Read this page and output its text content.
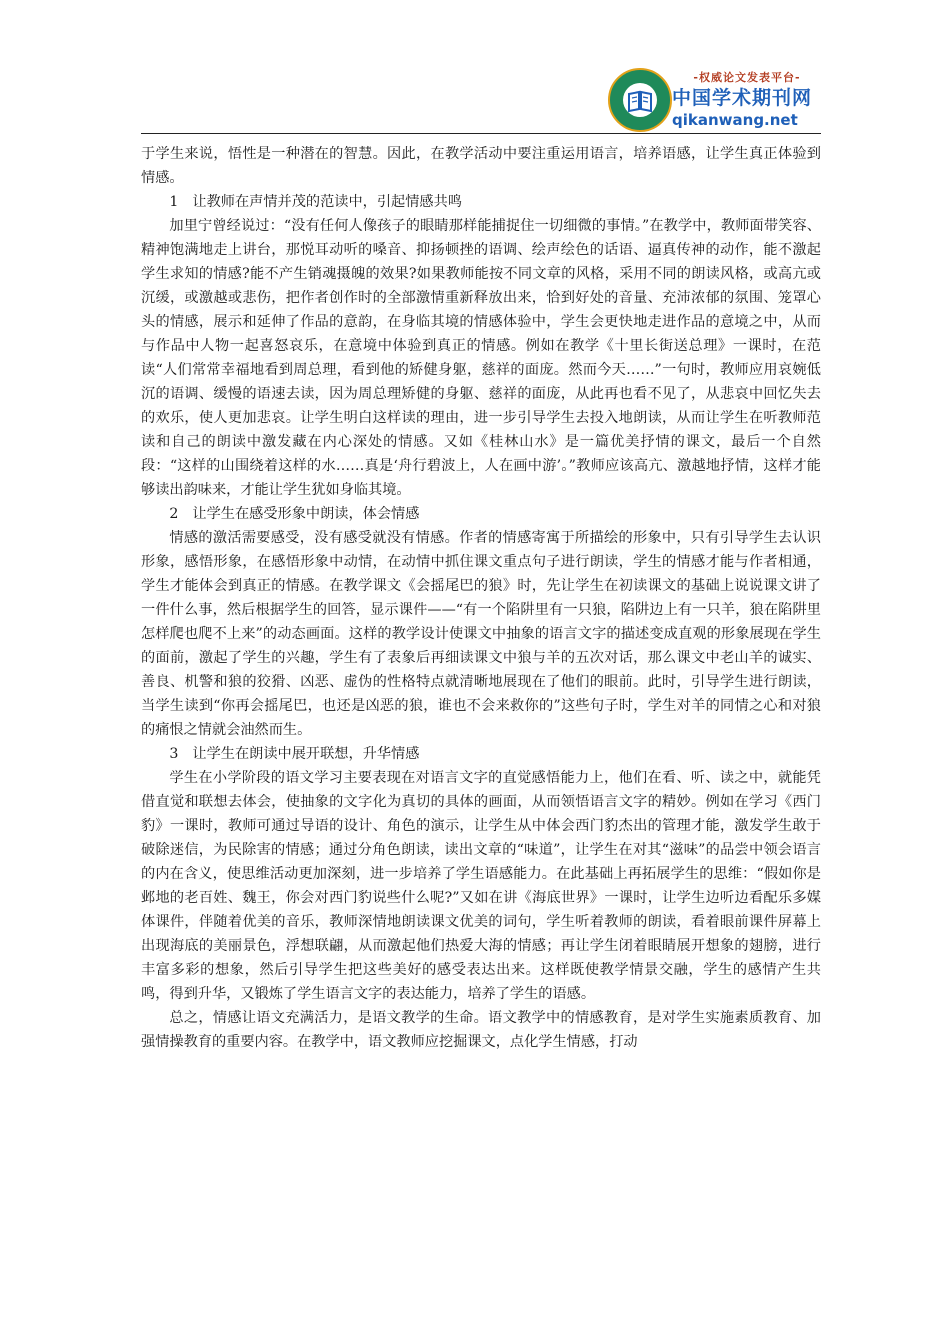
-权威论文发表平台-
中国学术期刊网
qikanwang.net

于学生来说，悟性是一种潜在的智慧。因此，在教学活动中要注重运用语言，培养语感，让学生真正体验到情感。

1 让教师在声情并茂的范读中，引起情感共鸣

加里宁曾经说过：“没有任何人像孩子的眼睛那样能捕捉住一切细微的事情。”在教学中，教师面带笑容、精神饱满地走上讲台，那悦耳动听的嗓音、抑扬顿挫的语调、绘声绘色的话语、逼真传神的动作，能不激起学生求知的情感?能不产生销魂摄魄的效果?如果教师能按不同文章的风格，采用不同的朗读风格，或高亢或沉缓，或激越或悲伤，把作者创作时的全部激情重新释放出来，恰到好处的音量、充沛浓郁的氛围、笼罩心头的情感，展示和延伸了作品的意韵，在身临其境的情感体验中，学生会更快地走进作品的意境之中，从而与作品中人物一起喜怒哀乐，在意境中体验到真正的情感。例如在教学《十里长街送总理》一课时，在范读“人们常常幸福地看到周总理，看到他的矫健身躯，慈祥的面庞。然而今天……”一句时，教师应用哀婉低沉的语调、缓慢的语速去读，因为周总理矫健的身躯、慈祥的面庞，从此再也看不见了，从悲哀中回忆失去的欢乐，使人更加悲哀。让学生明白这样读的理由，进一步引导学生去投入地朗读，从而让学生在听教师范读和自己的朗读中激发藏在内心深处的情感。又如《桂林山水》是一篇优美抒情的课文，最后一个自然段：“这样的山围绕着这样的水……真是‘舟行碧波上，人在画中游’。”教师应该高亢、激越地抒情，这样才能够读出韵味来，才能让学生犹如身临其境。

2 让学生在感受形象中朗读，体会情感

情感的激活需要感受，没有感受就没有情感。作者的情感寄寓于所描绘的形象中，只有引导学生去认识形象，感悟形象，在感悟形象中动情，在动情中抓住课文重点句子进行朗读，学生的情感才能与作者相通，学生才能体会到真正的情感。在教学课文《会摇尾巴的狼》时，先让学生在初读课文的基础上说说课文讲了一件什么事，然后根据学生的回答，显示课件——“有一个陷阱里有一只狼，陷阱边上有一只羊，狼在陷阱里怎样爬也爬不上来”的动态画面。这样的教学设计使课文中抽象的语言文字的描述变成直观的形象展现在学生的面前，激起了学生的兴趣，学生有了表象后再细读课文中狼与羊的五次对话，那么课文中老山羊的诚实、善良、机警和狼的狡猾、凶恶、虚伪的性格特点就清晰地展现在了他们的眼前。此时，引导学生进行朗读，当学生读到“你再会摇尾巴，也还是凶恶的狼，谁也不会来救你的”这些句子时，学生对羊的同情之心和对狼的痛恨之情就会油然而生。

3 让学生在朗读中展开联想，升华情感

学生在小学阶段的语文学习主要表现在对语言文字的直觉感悟能力上，他们在看、听、读之中，就能凭借直觉和联想去体会，使抽象的文字化为真切的具体的画面，从而领悟语言文字的精妙。例如在学习《西门豹》一课时，教师可通过导语的设计、角色的演示，让学生从中体会西门豹杰出的管理才能，激发学生敢于破除迷信，为民除害的情感；通过分角色朗读，读出文章的“味道”，让学生在对其“滋味”的品尝中领会语言的内在含义，使思维活动更加深刻，进一步培养了学生语感能力。在此基础上再拓展学生的思维：“假如你是邺地的老百姓、魏王，你会对西门豹说些什么呢?”又如在讲《海底世界》一课时，让学生边听边看配乐多媒体课件，伴随着优美的音乐，教师深情地朗读课文优美的词句，学生听着教师的朗读，看着眼前课件屏幕上出现海底的美丽景色，浮想联翩，从而激起他们热爱大海的情感；再让学生闭着眼睛展开想象的翅膀，进行丰富多彩的想象，然后引导学生把这些美好的感受表达出来。这样既使教学情景交融，学生的感情产生共鸣，得到升华，又锻炼了学生语言文字的表达能力，培养了学生的语感。

总之，情感让语文充满活力，是语文教学的生命。语文教学中的情感教育，是对学生实施素质教育、加强情操教育的重要内容。在教学中，语文教师应挖掘课文，点化学生情感，打动
